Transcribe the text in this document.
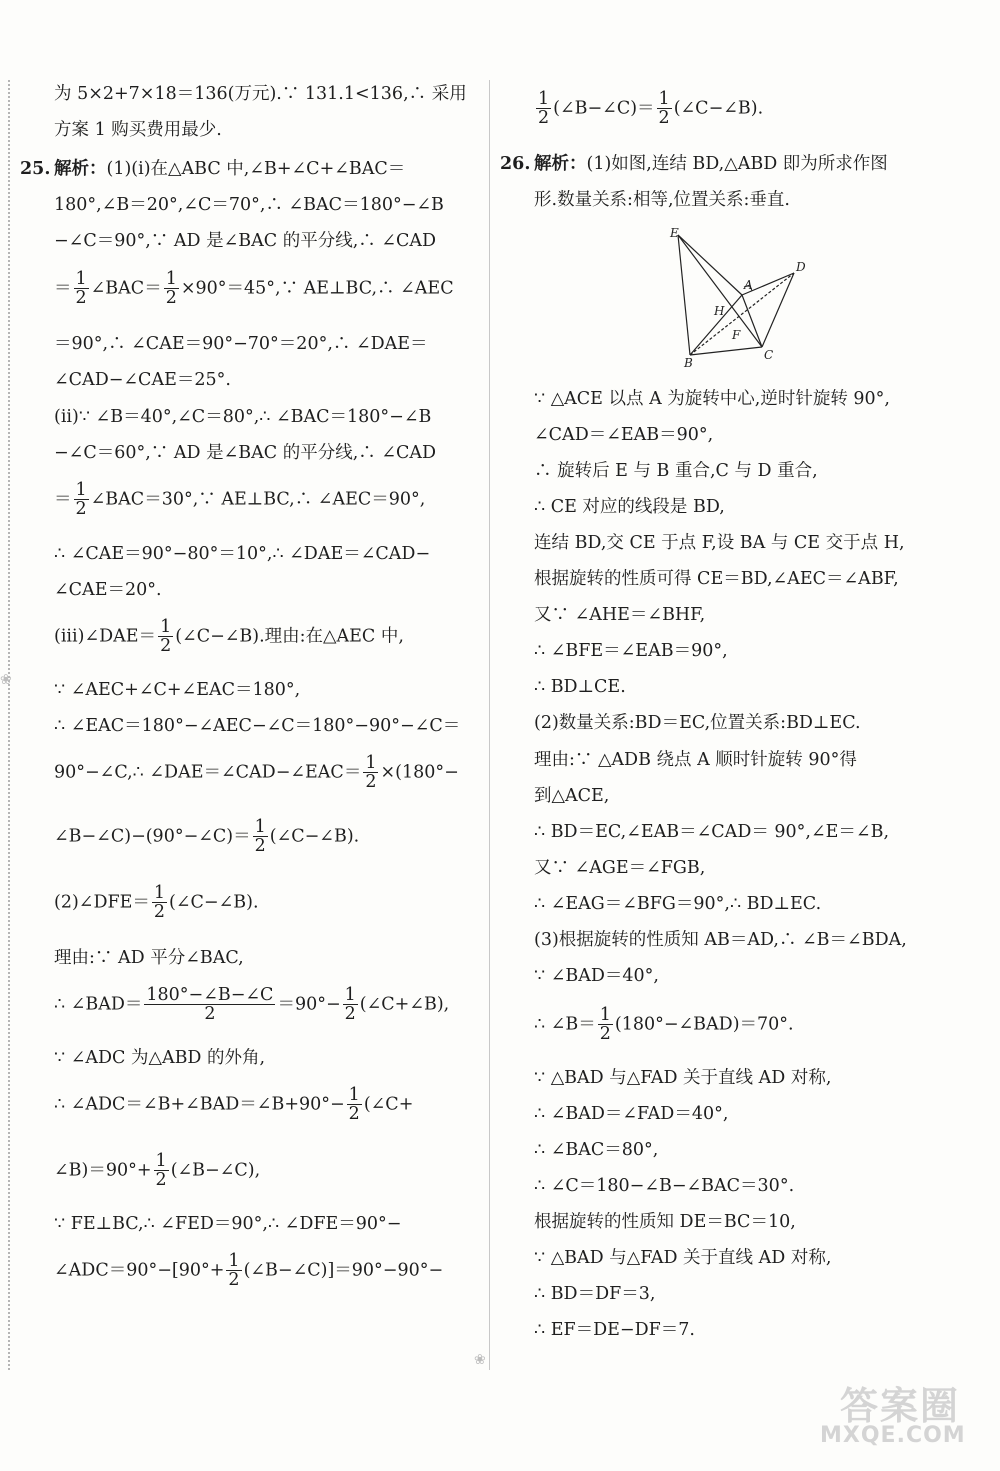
❀
❀
为 5×2+7×18＝136(万元).∵ 131.1<136,∴ 采用
方案 1 购买费用最少.
25. 解析：(1)(i)在△ABC 中,∠B+∠C+∠BAC＝
180°,∠B＝20°,∠C＝70°,∴ ∠BAC＝180°−∠B
−∠C＝90°,∵ AD 是∠BAC 的平分线,∴ ∠CAD
＝ $\frac{1}{2}$ ∠BAC＝ $\frac{1}{2}$ ×90°＝45°,∵ AE⊥BC,∴ ∠AEC
＝90°,∴ ∠CAE＝90°−70°＝20°,∴ ∠DAE＝
∠CAD−∠CAE＝25°.
(ii)∵ ∠B＝40°,∠C＝80°,∴ ∠BAC＝180°−∠B
−∠C＝60°,∵ AD 是∠BAC 的平分线,∴ ∠CAD
＝ $\frac{1}{2}$ ∠BAC＝30°,∵ AE⊥BC,∴ ∠AEC＝90°,
∴ ∠CAE＝90°−80°＝10°,∴ ∠DAE＝∠CAD−
∠CAE＝20°.
(iii)∠DAE＝ $\frac{1}{2}$ (∠C−∠B).理由:在△AEC 中,
∵ ∠AEC+∠C+∠EAC＝180°,
∴ ∠EAC＝180°−∠AEC−∠C＝180°−90°−∠C＝
90°−∠C,∴ ∠DAE＝∠CAD−∠EAC＝ $\frac{1}{2} \times(180^\circ-$
∠B−∠C)−(90°−∠C)＝ $\frac{1}{2}$ (∠C−∠B).
(2)∠DFE＝ $\frac{1}{2}$ (∠C−∠B).
理由:∵ AD 平分∠BAC,
∴ ∠BAD＝ $\frac{180^\circ-\angle B-\angle C}{2} =90^\circ- \frac{1}{2}$ (∠C+∠B),
∵ ∠ADC 为△ABD 的外角,
∴ ∠ADC＝∠B+∠BAD＝∠B+90°− $\frac{1}{2}$ (∠C+
∠B)＝90°+ $\frac{1}{2}$ (∠B−∠C),
∵ FE⊥BC,∴ ∠FED＝90°,∴ ∠DFE＝90°−
∠ADC＝90°−[90°+ $\frac{1}{2}$ (∠B−∠C)]＝90°−90°−
$\frac{1}{2}$ (∠B−∠C)＝ $\frac{1}{2}$ (∠C−∠B).
26. 解析：(1)如图,连结 BD,△ABD 即为所求作图
形.数量关系:相等,位置关系:垂直.
∵ △ACE 以点 A 为旋转中心,逆时针旋转 90°,
∠CAD＝∠EAB＝90°,
∴ 旋转后 E 与 B 重合,C 与 D 重合,
∴ CE 对应的线段是 BD,
连结 BD,交 CE 于点 F,设 BA 与 CE 交于点 H,
根据旋转的性质可得 CE＝BD,∠AEC＝∠ABF,
又∵ ∠AHE＝∠BHF,
∴ ∠BFE＝∠EAB＝90°,
∴ BD⊥CE.
(2)数量关系:BD＝EC,位置关系:BD⊥EC.
理由:∵ △ADB 绕点 A 顺时针旋转 90°得
到△ACE,
∴ BD＝EC,∠EAB＝∠CAD＝ 90°,∠E＝∠B,
又∵ ∠AGE＝∠FGB,
∴ ∠EAG＝∠BFG＝90°,∴ BD⊥EC.
(3)根据旋转的性质知 AB＝AD,∴ ∠B＝∠BDA,
∵ ∠BAD＝40°,
∴ ∠B＝ $\frac{1}{2}$ (180°−∠BAD)＝70°.
∵ △BAD 与△FAD 关于直线 AD 对称,
∴ ∠BAD＝∠FAD＝40°,
∴ ∠BAC＝80°,
∴ ∠C＝180−∠B−∠BAC＝30°.
根据旋转的性质知 DE＝BC＝10,
∵ △BAD 与△FAD 关于直线 AD 对称,
∴ BD＝DF＝3,
∴ EF＝DE−DF＝7.
E
D
A
H
F
B
C
答案圈
MXQE.COM
